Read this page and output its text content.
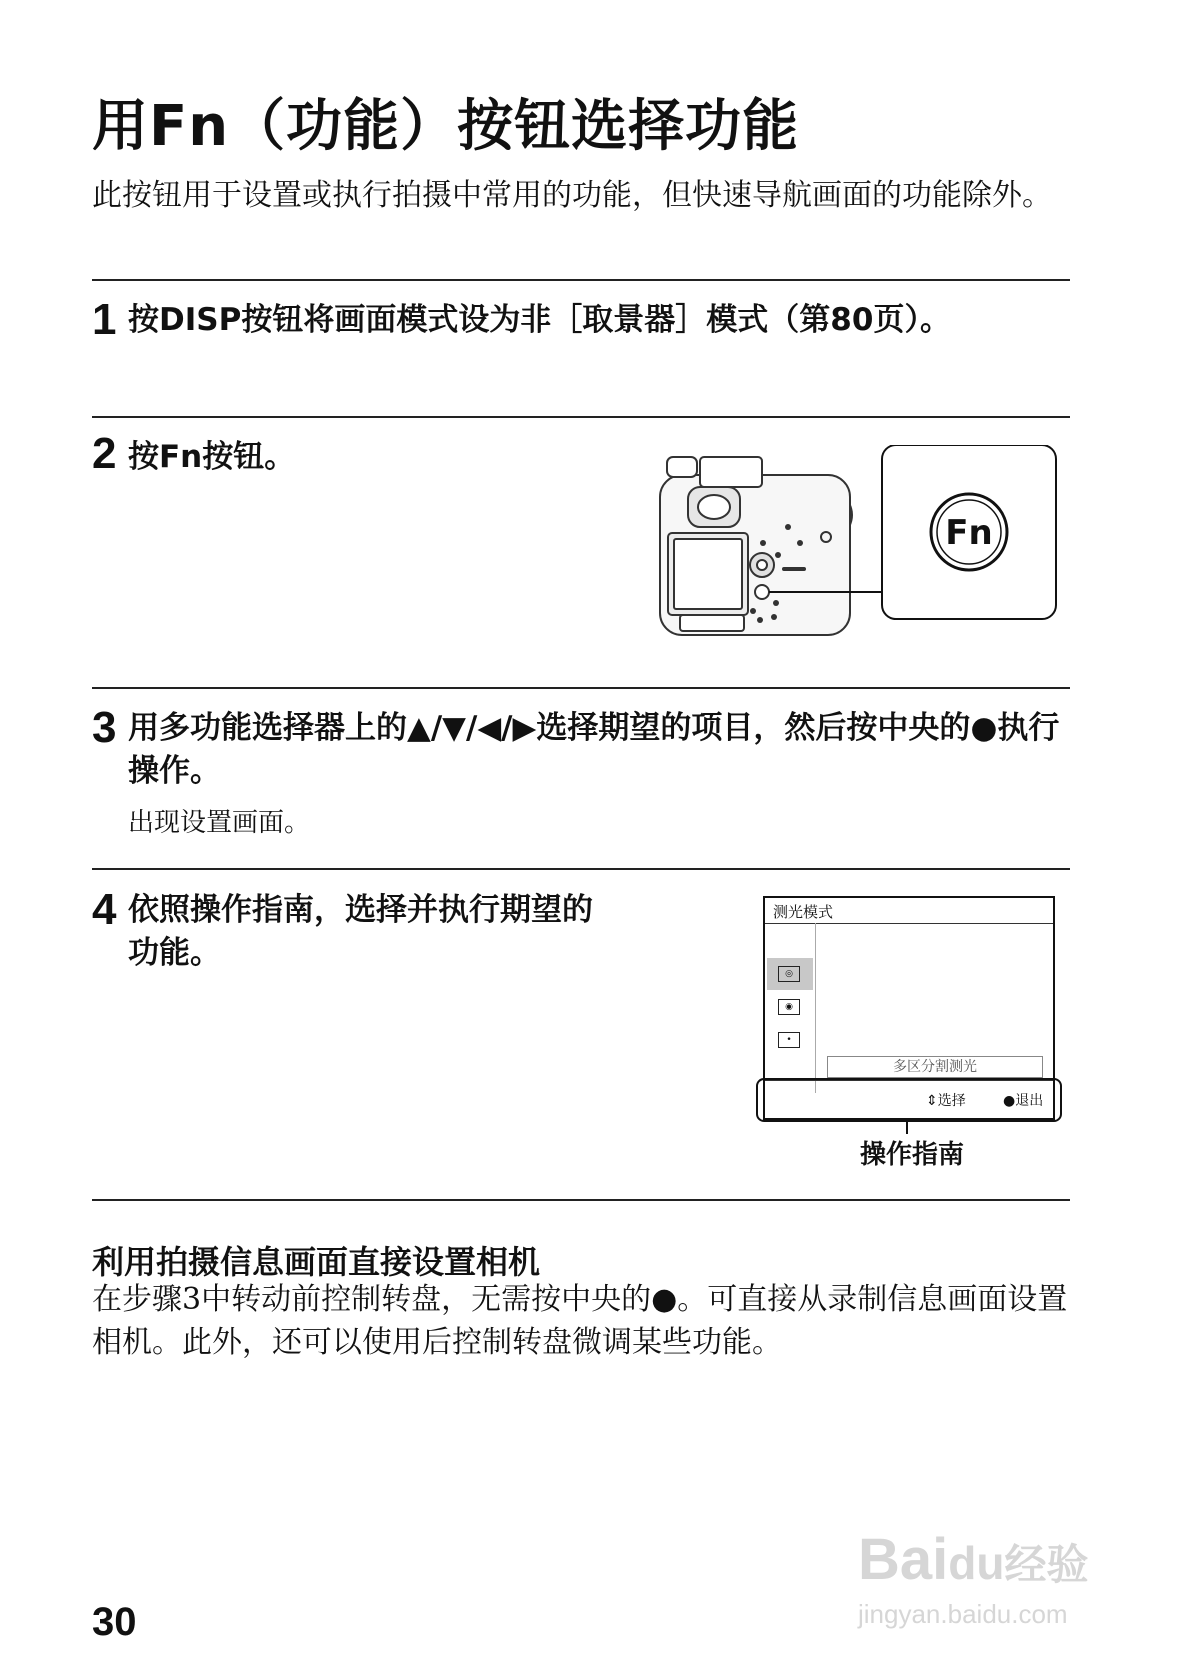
用Fn（功能）按钮选择功能
此按钮用于设置或执行拍摄中常用的功能，但快速导航画面的功能除外。
1 按DISP按钮将画面模式设为非［取景器］模式（第80页）。
2 按Fn按钮。
Fn
3 用多功能选择器上的▲/▼/◀/▶选择期望的项目，然后按中央的●执行操作。
出现设置画面。
4 依照操作指南，选择并执行期望的功能。
测光模式
◎
◉
•
多区分割测光
⇕选择	●退出
操作指南
利用拍摄信息画面直接设置相机
在步骤3中转动前控制转盘，无需按中央的●。可直接从录制信息画面设置相机。此外，还可以使用后控制转盘微调某些功能。
30
Baidu经验
jingyan.baidu.com
